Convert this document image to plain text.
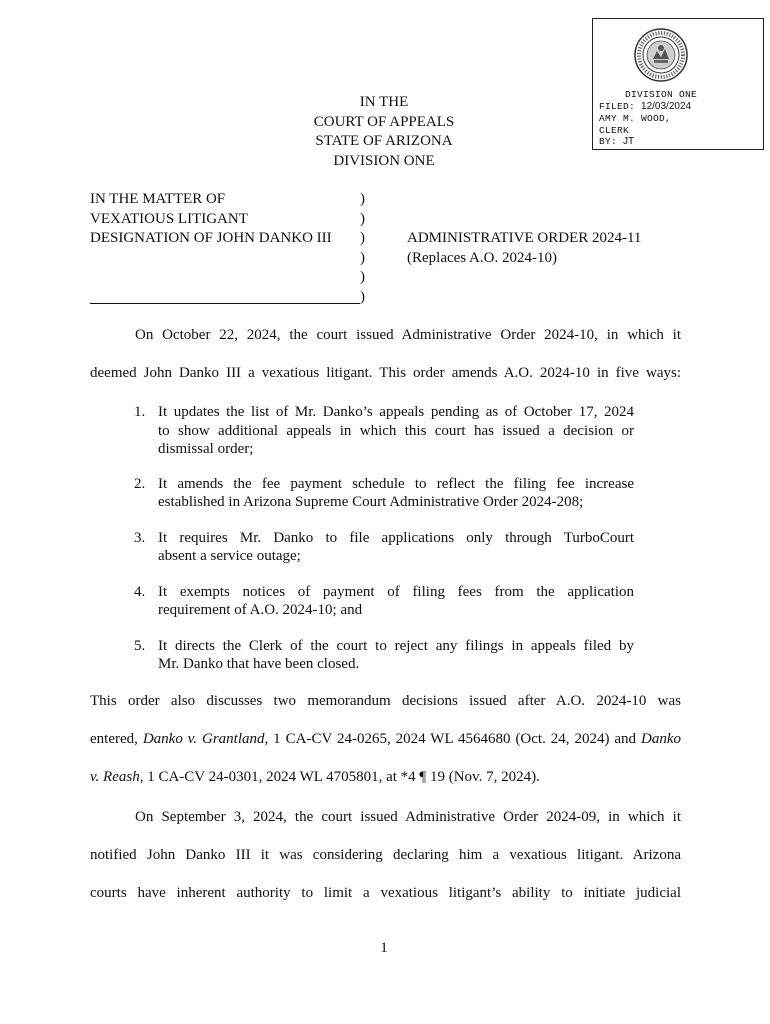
DIVISION ONE
FILED: 12/03/2024
AMY M. WOOD,
CLERK
BY: JT
IN THE
COURT OF APPEALS
STATE OF ARIZONA
DIVISION ONE
IN THE MATTER OF
VEXATIOUS LITIGANT
DESIGNATION OF JOHN DANKO III
)
)
)
)
)
)
ADMINISTRATIVE ORDER 2024-11
(Replaces A.O. 2024-10)
On October 22, 2024, the court issued Administrative Order 2024-10, in which it
deemed John Danko III a vexatious litigant. This order amends A.O. 2024-10 in five ways:
1. It updates the list of Mr. Danko’s appeals pending as of October 17, 2024
to show additional appeals in which this court has issued a decision or
dismissal order;
2. It amends the fee payment schedule to reflect the filing fee increase
established in Arizona Supreme Court Administrative Order 2024-208;
3. It requires Mr. Danko to file applications only through TurboCourt
absent a service outage;
4. It exempts notices of payment of filing fees from the application
requirement of A.O. 2024-10; and
5. It directs the Clerk of the court to reject any filings in appeals filed by
Mr. Danko that have been closed.
This order also discusses two memorandum decisions issued after A.O. 2024-10 was
entered, Danko v. Grantland, 1 CA-CV 24-0265, 2024 WL 4564680 (Oct. 24, 2024) and Danko
v. Reash, 1 CA-CV 24-0301, 2024 WL 4705801, at *4 ¶ 19 (Nov. 7, 2024).
On September 3, 2024, the court issued Administrative Order 2024-09, in which it
notified John Danko III it was considering declaring him a vexatious litigant. Arizona
courts have inherent authority to limit a vexatious litigant’s ability to initiate judicial
1
